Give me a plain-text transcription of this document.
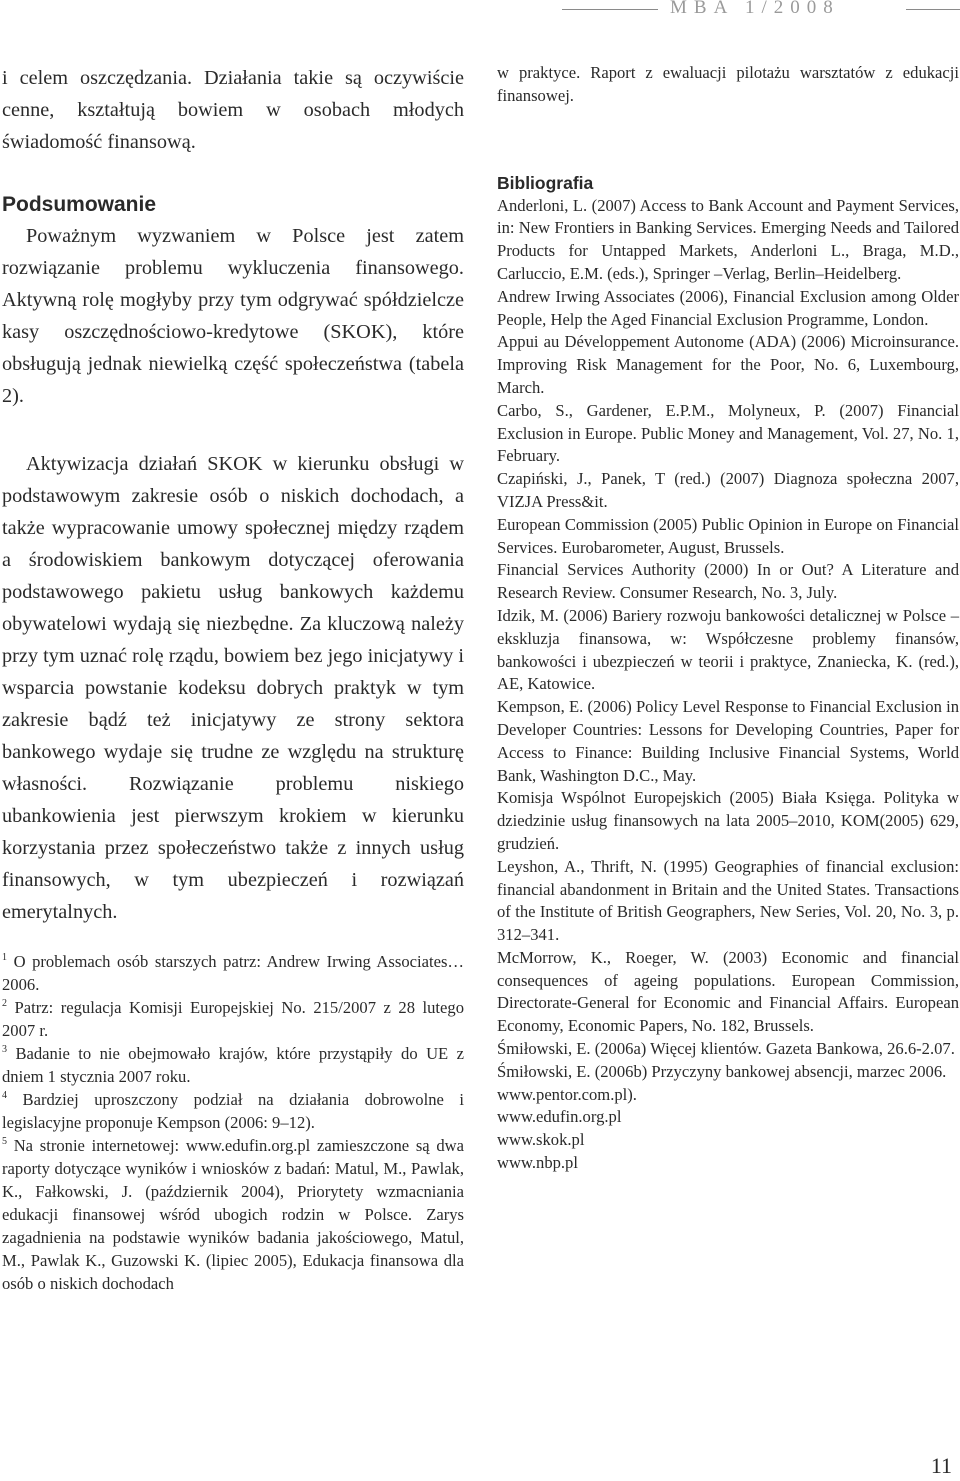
MBA 1/2008

i celem oszczędzania. Działania takie są oczywiście cenne, kształtują bowiem w osobach młodych świadomość finansową.

Podsumowanie

Poważnym wyzwaniem w Polsce jest zatem rozwiązanie problemu wykluczenia finansowego. Aktywną rolę mogłyby przy tym odgrywać spółdzielcze kasy oszczędnościowo-kredytowe (SKOK), które obsługują jednak niewielką część społeczeństwa (tabela 2).

Aktywizacja działań SKOK w kierunku obsługi w podstawowym zakresie osób o niskich dochodach, a także wypracowanie umowy społecznej między rządem a środowiskiem bankowym dotyczącej oferowania podstawowego pakietu usług bankowych każdemu obywatelowi wydają się niezbędne. Za kluczową należy przy tym uznać rolę rządu, bowiem bez jego inicjatywy i wsparcia powstanie kodeksu dobrych praktyk w tym zakresie bądź też inicjatywy ze strony sektora bankowego wydaje się trudne ze względu na strukturę własności. Rozwiązanie problemu niskiego ubankowienia jest pierwszym krokiem w kierunku korzystania przez społeczeństwo także z innych usług finansowych, w tym ubezpieczeń i rozwiązań emerytalnych.

$^1$ O problemach osób starszych patrz: Andrew Irwing Associates… 2006.

$^2$ Patrz: regulacja Komisji Europejskiej No. 215/2007 z 28 lutego 2007 r.

$^3$ Badanie to nie obejmowało krajów, które przystąpiły do UE z dniem 1 stycznia 2007 roku.

$^4$ Bardziej uproszczony podział na działania dobrowolne i legislacyjne proponuje Kempson (2006: 9–12).

$^5$ Na stronie internetowej: www.edufin.org.pl zamieszczone są dwa raporty dotyczące wyników i wniosków z badań: Matul, M., Pawlak, K., Fałkowski, J. (październik 2004), Priorytety wzmacniania edukacji finansowej wśród ubogich rodzin w Polsce. Zarys zagadnienia na podstawie wyników badania jakościowego, Matul, M., Pawlak K., Guzowski K. (lipiec 2005), Edukacja finansowa dla osób o niskich dochodach

w praktyce. Raport z ewaluacji pilotażu warsztatów z edukacji finansowej.

Bibliografia

Anderloni, L. (2007) Access to Bank Account and Payment Services, in: New Frontiers in Banking Services. Emerging Needs and Tailored Products for Untapped Markets, Anderloni L., Braga, M.D., Carluccio, E.M. (eds.), Springer –Verlag, Berlin–Heidelberg.

Andrew Irwing Associates (2006), Financial Exclusion among Older People, Help the Aged Financial Exclusion Programme, London.

Appui au Développement Autonome (ADA) (2006) Microinsurance. Improving Risk Management for the Poor, No. 6, Luxembourg, March.

Carbo, S., Gardener, E.P.M., Molyneux, P. (2007) Financial Exclusion in Europe. Public Money and Management, Vol. 27, No. 1, February.

Czapiński, J., Panek, T (red.) (2007) Diagnoza społeczna 2007, VIZJA Press&it.

European Commission (2005) Public Opinion in Europe on Financial Services. Eurobarometer, August, Brussels.

Financial Services Authority (2000) In or Out? A Literature and Research Review. Consumer Research, No. 3, July.

Idzik, M. (2006) Bariery rozwoju bankowości detalicznej w Polsce – ekskluzja finansowa, w: Współczesne problemy finansów, bankowości i ubezpieczeń w teorii i praktyce, Znaniecka, K. (red.), AE, Katowice.

Kempson, E. (2006) Policy Level Response to Financial Exclusion in Developer Countries: Lessons for Developing Countries, Paper for Access to Finance: Building Inclusive Financial Systems, World Bank, Washington D.C., May.

Komisja Wspólnot Europejskich (2005) Biała Księga. Polityka w dziedzinie usług finansowych na lata 2005–2010, KOM(2005) 629, grudzień.

Leyshon, A., Thrift, N. (1995) Geographies of financial exclusion: financial abandonment in Britain and the United States. Transactions of the Institute of British Geographers, New Series, Vol. 20, No. 3, p. 312–341.

McMorrow, K., Roeger, W. (2003) Economic and financial consequences of ageing populations. European Commission, Directorate-General for Economic and Financial Affairs. European Economy, Economic Papers, No. 182, Brussels.

Śmiłowski, E. (2006a) Więcej klientów. Gazeta Bankowa, 26.6-2.07.

Śmiłowski, E. (2006b) Przyczyny bankowej absencji, marzec 2006.

www.pentor.com.pl).

www.edufin.org.pl

www.skok.pl

www.nbp.pl

11
